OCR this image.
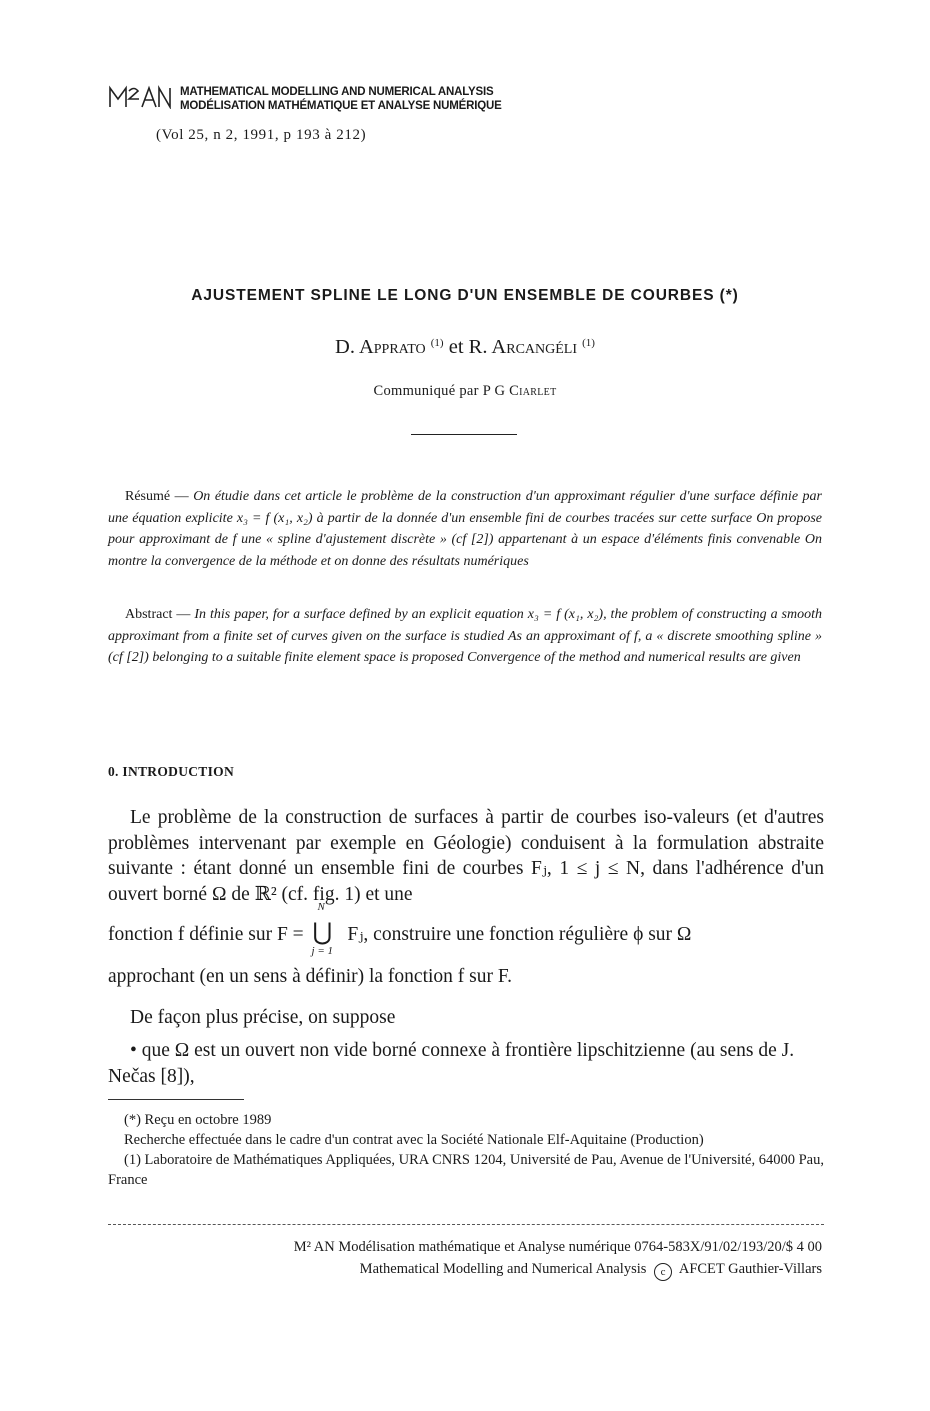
MATHEMATICAL MODELLING AND NUMERICAL ANALYSIS
MODÉLISATION MATHÉMATIQUE ET ANALYSE NUMÉRIQUE
(Vol 25, n 2, 1991, p 193 à 212)
AJUSTEMENT SPLINE LE LONG D'UN ENSEMBLE DE COURBES (*)
D. Apprato $^{(1)}$ et R. Arcangéli $^{(1)}$
Communiqué par P G Ciarlet
Résumé — On étudie dans cet article le problème de la construction d'un approximant régulier d'une surface définie par une équation explicite x₃ = f (x₁, x₂) à partir de la donnée d'un ensemble fini de courbes tracées sur cette surface On propose pour approximant de f une « spline d'ajustement discrète » (cf [2]) appartenant à un espace d'éléments finis convenable On montre la convergence de la méthode et on donne des résultats numériques
Abstract — In this paper, for a surface defined by an explicit equation x₃ = f (x₁, x₂), the problem of constructing a smooth approximant from a finite set of curves given on the surface is studied As an approximant of f, a « discrete smoothing spline » (cf [2]) belonging to a suitable finite element space is proposed Convergence of the method and numerical results are given
0. INTRODUCTION
Le problème de la construction de surfaces à partir de courbes iso-valeurs (et d'autres problèmes intervenant par exemple en Géologie) conduisent à la formulation abstraite suivante : étant donné un ensemble fini de courbes Fⱼ, 1 ≤ j ≤ N, dans l'adhérence d'un ouvert borné Ω de ℝ² (cf. fig. 1) et une
fonction f définie sur F =
N
⋃
j = 1
Fⱼ, construire une fonction régulière ϕ sur Ω
approchant (en un sens à définir) la fonction f sur F.
De façon plus précise, on suppose
• que Ω est un ouvert non vide borné connexe à frontière lipschitzienne (au sens de J. Nečas [8]),

(*) Reçu en octobre 1989

Recherche effectuée dans le cadre d'un contrat avec la Société Nationale Elf-Aquitaine (Production)

(1) Laboratoire de Mathématiques Appliquées, URA CNRS 1204, Université de Pau, Avenue de l'Université, 64000 Pau, France

M² AN Modélisation mathématique et Analyse numérique 0764-583X/91/02/193/20/$ 4 00
Mathematical Modelling and Numerical Analysis c AFCET Gauthier-Villars
